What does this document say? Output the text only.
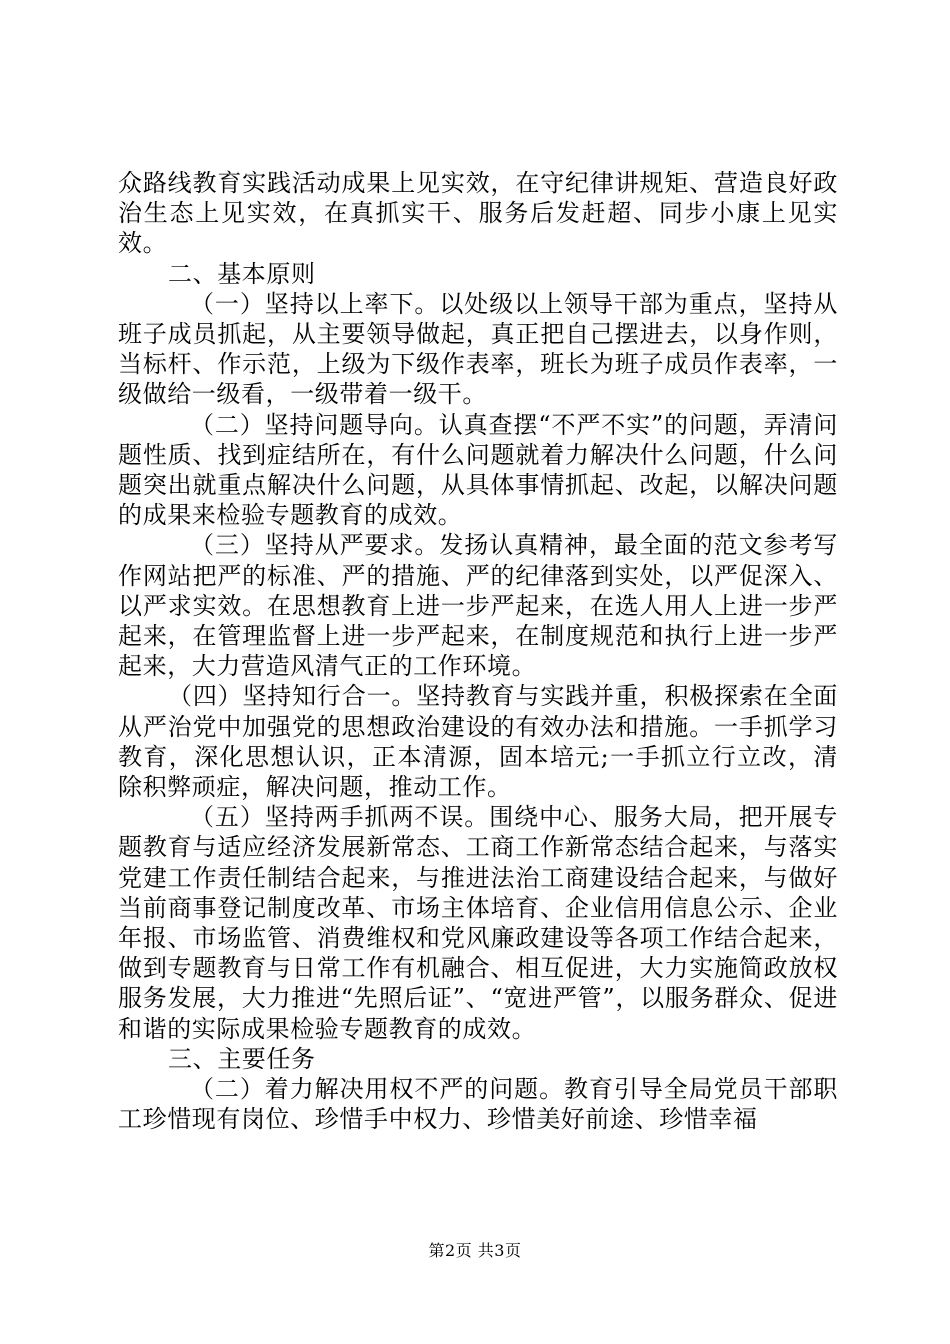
众路线教育实践活动成果上见实效，在守纪律讲规矩、营造良好政治生态上见实效，在真抓实干、服务后发赶超、同步小康上见实效。

二、基本原则

（一）坚持以上率下。以处级以上领导干部为重点，坚持从班子成员抓起，从主要领导做起，真正把自己摆进去，以身作则，当标杆、作示范，上级为下级作表率，班长为班子成员作表率，一级做给一级看，一级带着一级干。

（二）坚持问题导向。认真查摆“不严不实”的问题，弄清问题性质、找到症结所在，有什么问题就着力解决什么问题，什么问题突出就重点解决什么问题，从具体事情抓起、改起，以解决问题的成果来检验专题教育的成效。

（三）坚持从严要求。发扬认真精神，最全面的范文参考写作网站把严的标准、严的措施、严的纪律落到实处，以严促深入、以严求实效。在思想教育上进一步严起来，在选人用人上进一步严起来，在管理监督上进一步严起来，在制度规范和执行上进一步严起来，大力营造风清气正的工作环境。

（四）坚持知行合一。坚持教育与实践并重，积极探索在全面从严治党中加强党的思想政治建设的有效办法和措施。一手抓学习教育，深化思想认识，正本清源，固本培元;一手抓立行立改，清除积弊顽症，解决问题，推动工作。

（五）坚持两手抓两不误。围绕中心、服务大局，把开展专题教育与适应经济发展新常态、工商工作新常态结合起来，与落实党建工作责任制结合起来，与推进法治工商建设结合起来，与做好当前商事登记制度改革、市场主体培育、企业信用信息公示、企业年报、市场监管、消费维权和党风廉政建设等各项工作结合起来，做到专题教育与日常工作有机融合、相互促进，大力实施简政放权服务发展，大力推进“先照后证”、“宽进严管”，以服务群众、促进和谐的实际成果检验专题教育的成效。

三、主要任务

（二）着力解决用权不严的问题。教育引导全局党员干部职工珍惜现有岗位、珍惜手中权力、珍惜美好前途、珍惜幸福

第2页 共3页
